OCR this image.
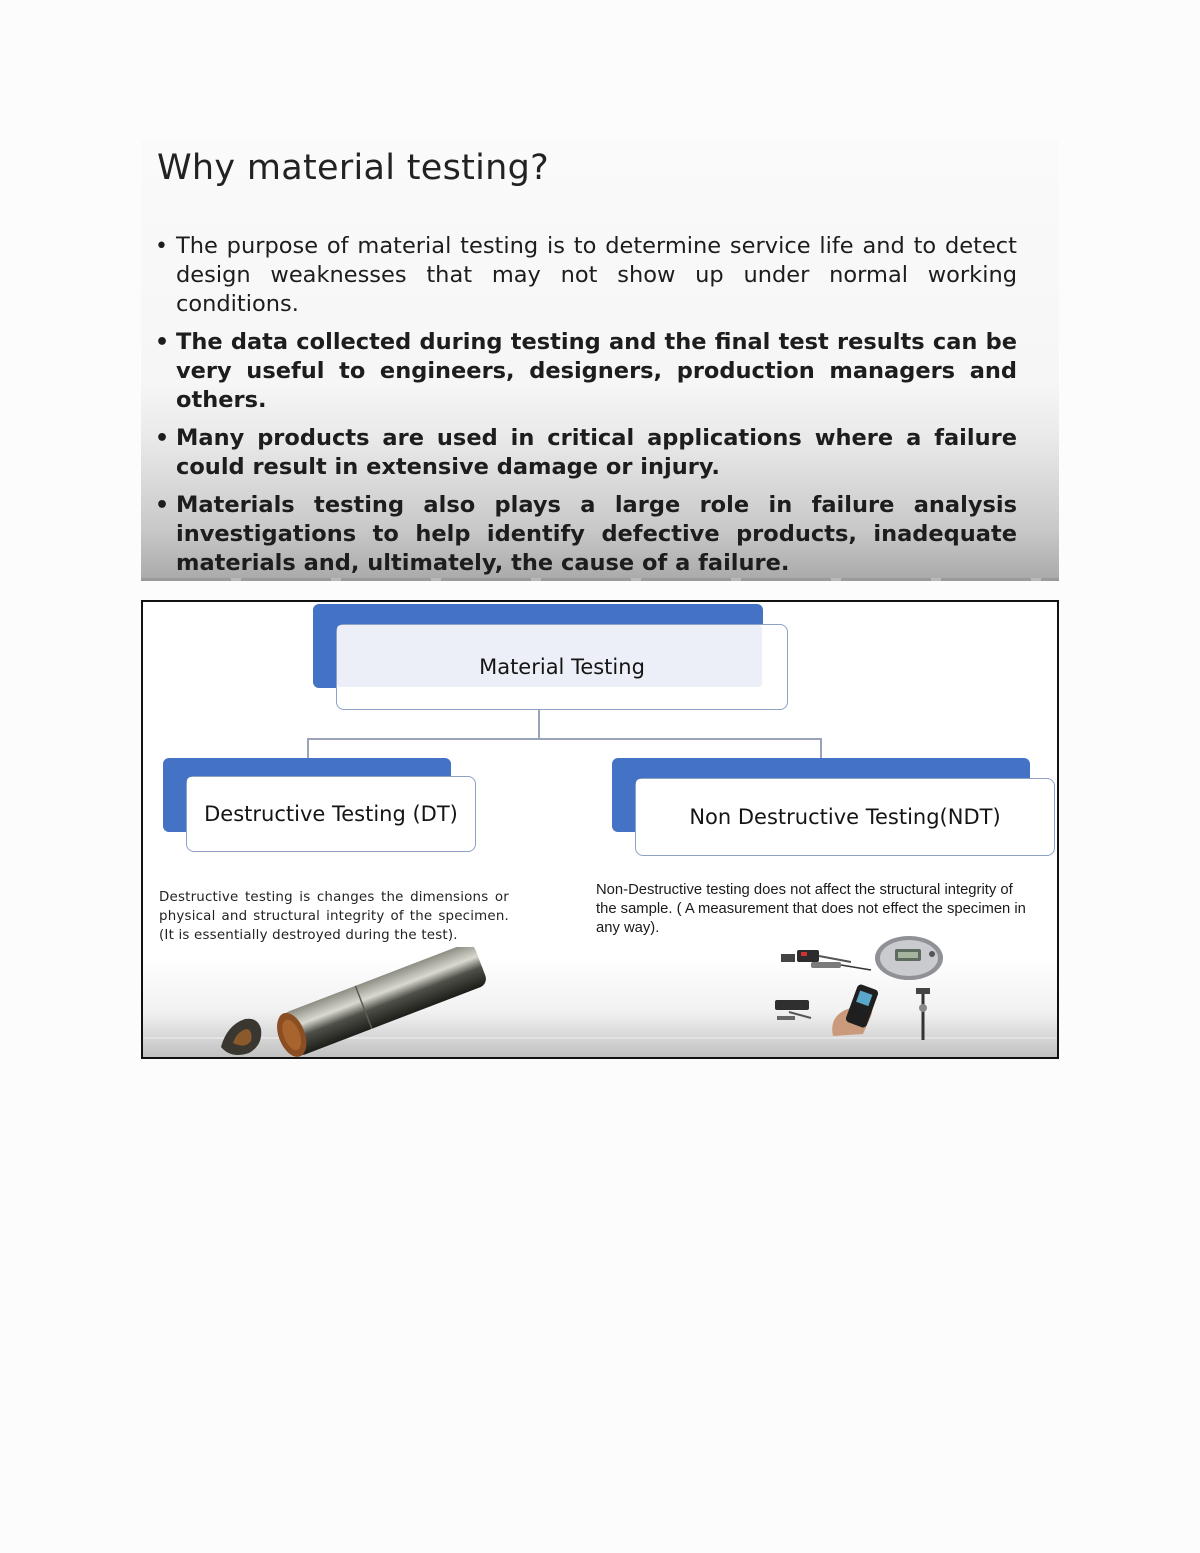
Why material testing?
• The purpose of material testing is to determine service life and to detect design weaknesses that may not show up under normal working conditions.
• The data collected during testing and the final test results can be very useful to engineers, designers, production managers and others.
• Many products are used in critical applications where a failure could result in extensive damage or injury.
• Materials testing also plays a large role in failure analysis investigations to help identify defective products, inadequate materials and, ultimately, the cause of a failure.
Material Testing
Destructive Testing (DT)	Non Destructive Testing(NDT)

Destructive testing is changes the dimensions or physical and structural integrity of the specimen. (It is essentially destroyed during the test).

Non-Destructive testing does not affect the structural integrity of the sample. ( A measurement that does not effect the specimen in any way).
